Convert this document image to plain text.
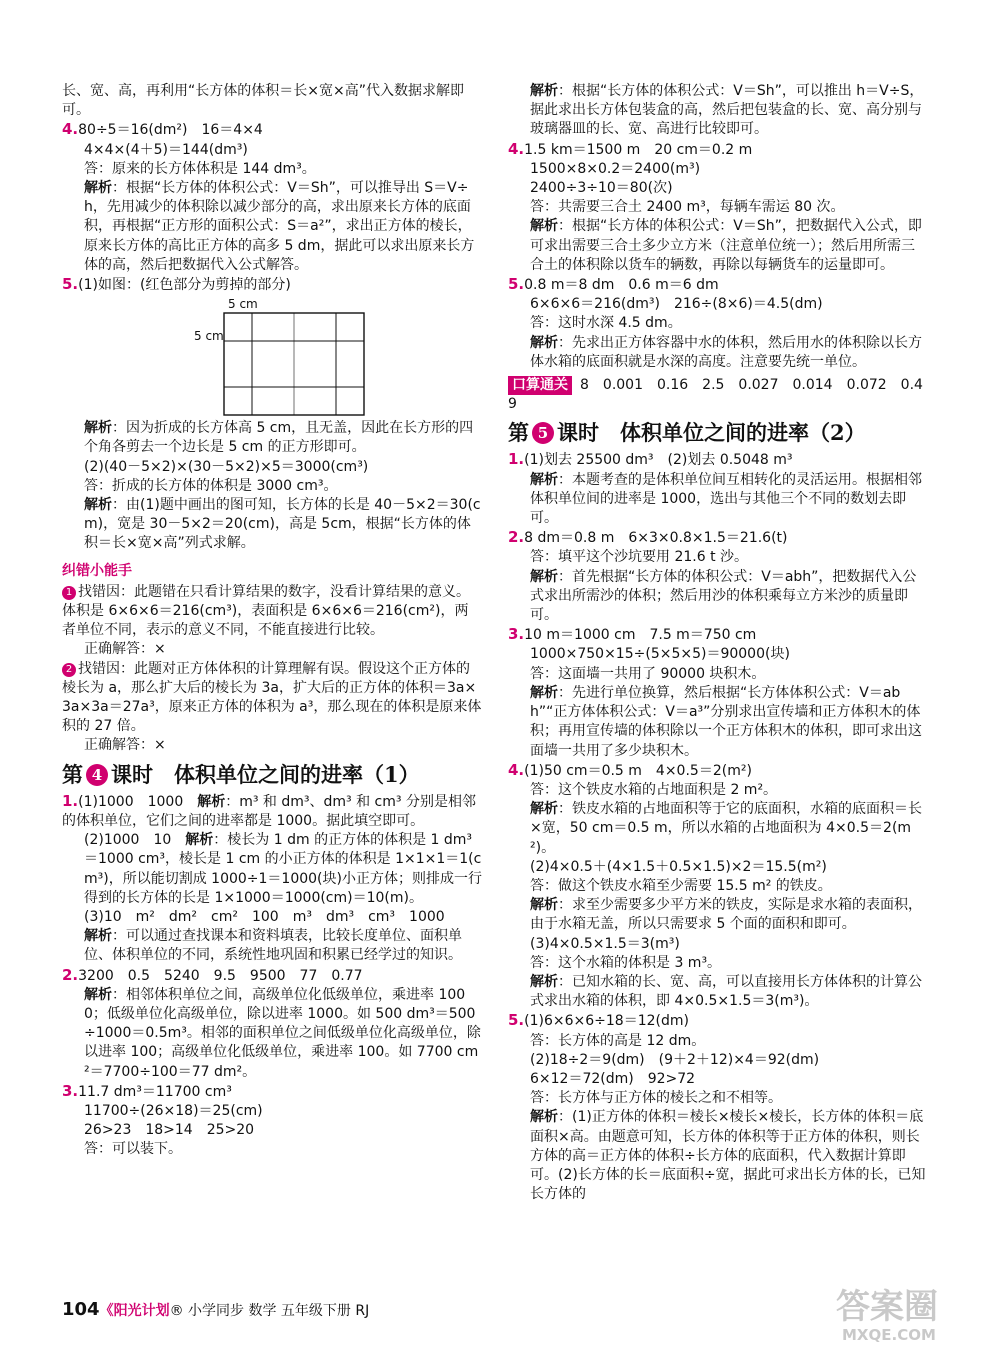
长、宽、高，再利用“长方体的体积＝长×宽×高”代入数据求解即可。

4.80÷5＝16(dm²)　16＝4×4

4×4×(4＋5)＝144(dm³)

答：原来的长方体体积是 144 dm³。

解析：根据“长方体的体积公式：V＝Sh”，可以推导出 S＝V÷h，先用减少的体积除以减少部分的高，求出原来长方体的底面积，再根据“正方形的面积公式：S＝a²”，求出正方体的棱长，原来长方体的高比正方体的高多 5 dm，据此可以求出原来长方体的高，然后把数据代入公式解答。

5.(1)如图：(红色部分为剪掉的部分)

5 cm
5 cm

解析：因为折成的长方体高 5 cm，且无盖，因此在长方形的四个角各剪去一个边长是 5 cm 的正方形即可。

(2)(40－5×2)×(30－5×2)×5＝3000(cm³)

答：折成的长方体的体积是 3000 cm³。

解析：由(1)题中画出的图可知，长方体的长是 40－5×2＝30(cm)，宽是 30－5×2＝20(cm)，高是 5cm，根据“长方体的体积＝长×宽×高”列式求解。

纠错小能手

1 找错因：此题错在只看计算结果的数字，没看计算结果的意义。体积是 6×6×6＝216(cm³)，表面积是 6×6×6＝216(cm²)，两者单位不同，表示的意义不同，不能直接进行比较。

正确解答：×

2 找错因：此题对正方体体积的计算理解有误。假设这个正方体的棱长为 a，那么扩大后的棱长为 3a，扩大后的正方体的体积＝3a×3a×3a＝27a³，原来正方体的体积为 a³，那么现在的体积是原来体积的 27 倍。

正确解答：×

第 4 课时　体积单位之间的进率（1）

1.(1)1000　1000　解析：m³ 和 dm³、dm³ 和 cm³ 分别是相邻的体积单位，它们之间的进率都是 1000。据此填空即可。

(2)1000　10　解析：棱长为 1 dm 的正方体的体积是 1 dm³＝1000 cm³，棱长是 1 cm 的小正方体的体积是 1×1×1＝1(cm³)，所以能切割成 1000÷1＝1000(块)小正方体；则排成一行得到的长方体的长是 1×1000＝1000(cm)＝10(m)。

(3)10　m²　dm²　cm²　100　m³　dm³　cm³　1000

解析：可以通过查找课本和资料填表，比较长度单位、面积单位、体积单位的不同，系统性地巩固和积累已经学过的知识。

2.3200　0.5　5240　9.5　9500　77　0.77

解析：相邻体积单位之间，高级单位化低级单位，乘进率 1000；低级单位化高级单位，除以进率 1000。如 500 dm³＝500÷1000＝0.5m³。相邻的面积单位之间低级单位化高级单位，除以进率 100；高级单位化低级单位，乘进率 100。如 7700 cm²＝7700÷100＝77 dm²。

3.11.7 dm³＝11700 cm³

11700÷(26×18)＝25(cm)

26>23　18>14　25>20

答：可以装下。

解析：根据“长方体的体积公式：V＝Sh”，可以推出 h＝V÷S，据此求出长方体包装盒的高，然后把包装盒的长、宽、高分别与玻璃器皿的长、宽、高进行比较即可。

4.1.5 km＝1500 m　20 cm＝0.2 m

1500×8×0.2＝2400(m³)

2400÷3÷10＝80(次)

答：共需要三合土 2400 m³，每辆车需运 80 次。

解析：根据“长方体的体积公式：V＝Sh”，把数据代入公式，即可求出需要三合土多少立方米（注意单位统一）；然后用所需三合土的体积除以货车的辆数，再除以每辆货车的运量即可。

5.0.8 m＝8 dm　0.6 m＝6 dm

6×6×6＝216(dm³)　216÷(8×6)＝4.5(dm)

答：这时水深 4.5 dm。

解析：先求出正方体容器中水的体积，然后用水的体积除以长方体水箱的底面积就是水深的高度。注意要先统一单位。

口算通关 8　0.001　0.16　2.5　0.027　0.014　0.072　0.49

第 5 课时　体积单位之间的进率（2）

1.(1)划去 25500 dm³　(2)划去 0.5048 m³

解析：本题考查的是体积单位间互相转化的灵活运用。根据相邻体积单位间的进率是 1000，选出与其他三个不同的数划去即可。

2.8 dm＝0.8 m　6×3×0.8×1.5＝21.6(t)

答：填平这个沙坑要用 21.6 t 沙。

解析：首先根据“长方体的体积公式：V＝abh”，把数据代入公式求出所需沙的体积；然后用沙的体积乘每立方米沙的质量即可。

3.10 m＝1000 cm　7.5 m＝750 cm

1000×750×15÷(5×5×5)＝90000(块)

答：这面墙一共用了 90000 块积木。

解析：先进行单位换算，然后根据“长方体体积公式：V＝abh”“正方体体积公式：V＝a³”分别求出宣传墙和正方体积木的体积；再用宣传墙的体积除以一个正方体积木的体积，即可求出这面墙一共用了多少块积木。

4.(1)50 cm＝0.5 m　4×0.5＝2(m²)

答：这个铁皮水箱的占地面积是 2 m²。

解析：铁皮水箱的占地面积等于它的底面积，水箱的底面积＝长×宽，50 cm＝0.5 m，所以水箱的占地面积为 4×0.5＝2(m²)。

(2)4×0.5＋(4×1.5＋0.5×1.5)×2＝15.5(m²)

答：做这个铁皮水箱至少需要 15.5 m² 的铁皮。

解析：求至少需要多少平方米的铁皮，实际是求水箱的表面积，由于水箱无盖，所以只需要求 5 个面的面积和即可。

(3)4×0.5×1.5＝3(m³)

答：这个水箱的体积是 3 m³。

解析：已知水箱的长、宽、高，可以直接用长方体体积的计算公式求出水箱的体积，即 4×0.5×1.5＝3(m³)。

5.(1)6×6×6÷18＝12(dm)

答：长方体的高是 12 dm。

(2)18÷2＝9(dm)　(9＋2＋12)×4＝92(dm)

6×12＝72(dm)　92>72

答：长方体与正方体的棱长之和不相等。

解析：(1)正方体的体积＝棱长×棱长×棱长，长方体的体积＝底面积×高。由题意可知，长方体的体积等于正方体的体积，则长方体的高＝正方体的体积÷长方体的底面积，代入数据计算即可。(2)长方体的长＝底面积÷宽，据此可求出长方体的长，已知长方体的

104《阳光计划® 小学同步 数学 五年级下册 RJ	答案圈
MXQE.COM
